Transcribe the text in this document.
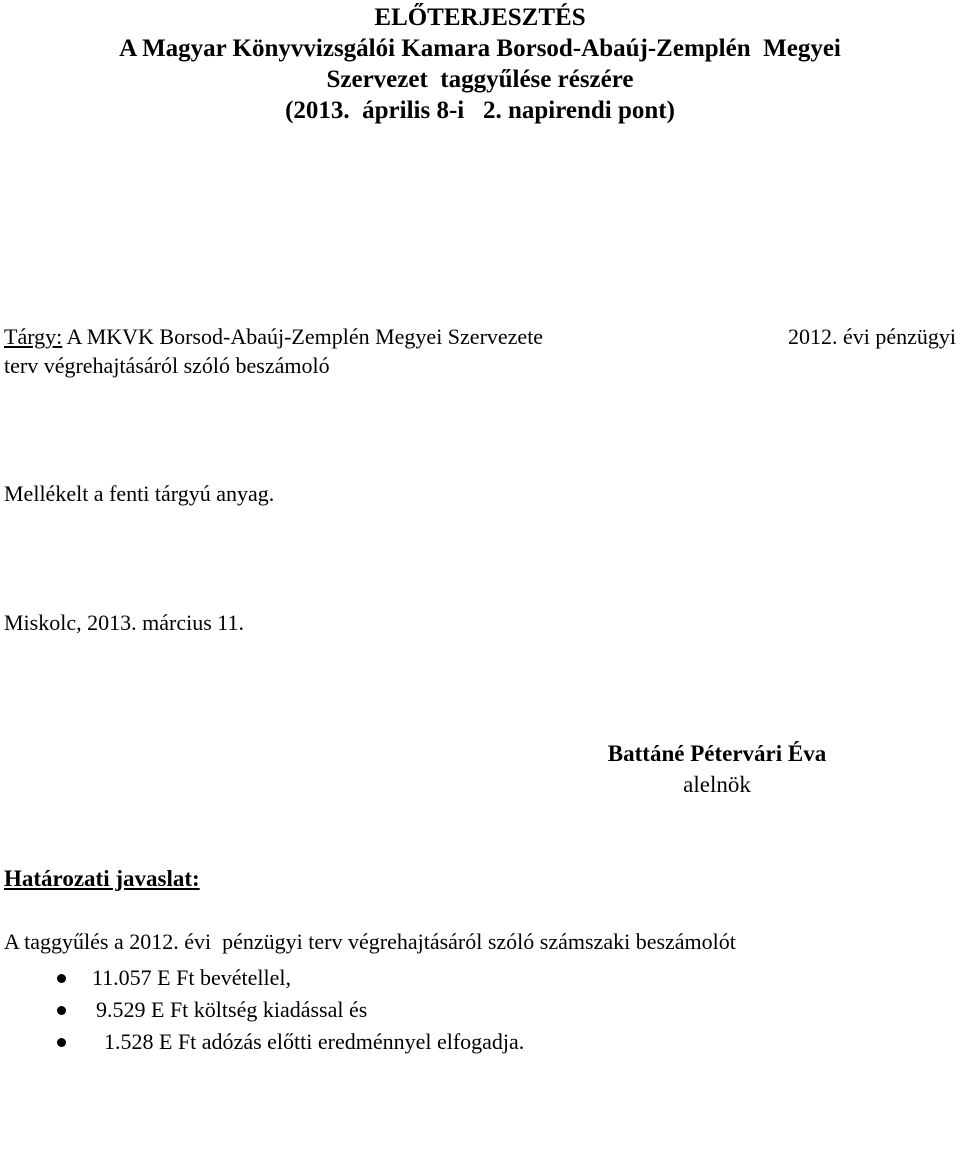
ELŐTERJESZTÉS
A Magyar Könyvvizsgálói Kamara Borsod-Abaúj-Zemplén  Megyei
Szervezet  taggyűlése részére
(2013.  április 8-i   2. napirendi pont)
Tárgy: A MKVK Borsod-Abaúj-Zemplén Megyei Szervezete	2012. évi pénzügyi
terv végrehajtásáról szóló beszámoló
Mellékelt a fenti tárgyú anyag.
Miskolc, 2013. március 11.
Battáné Pétervári Éva
alelnök
Határozati javaslat:
A taggyűlés a 2012. évi  pénzügyi terv végrehajtásáról szóló számszaki beszámolót

11.057 E Ft bevétellel,

9.529 E Ft költség kiadással és

1.528 E Ft adózás előtti eredménnyel elfogadja.
